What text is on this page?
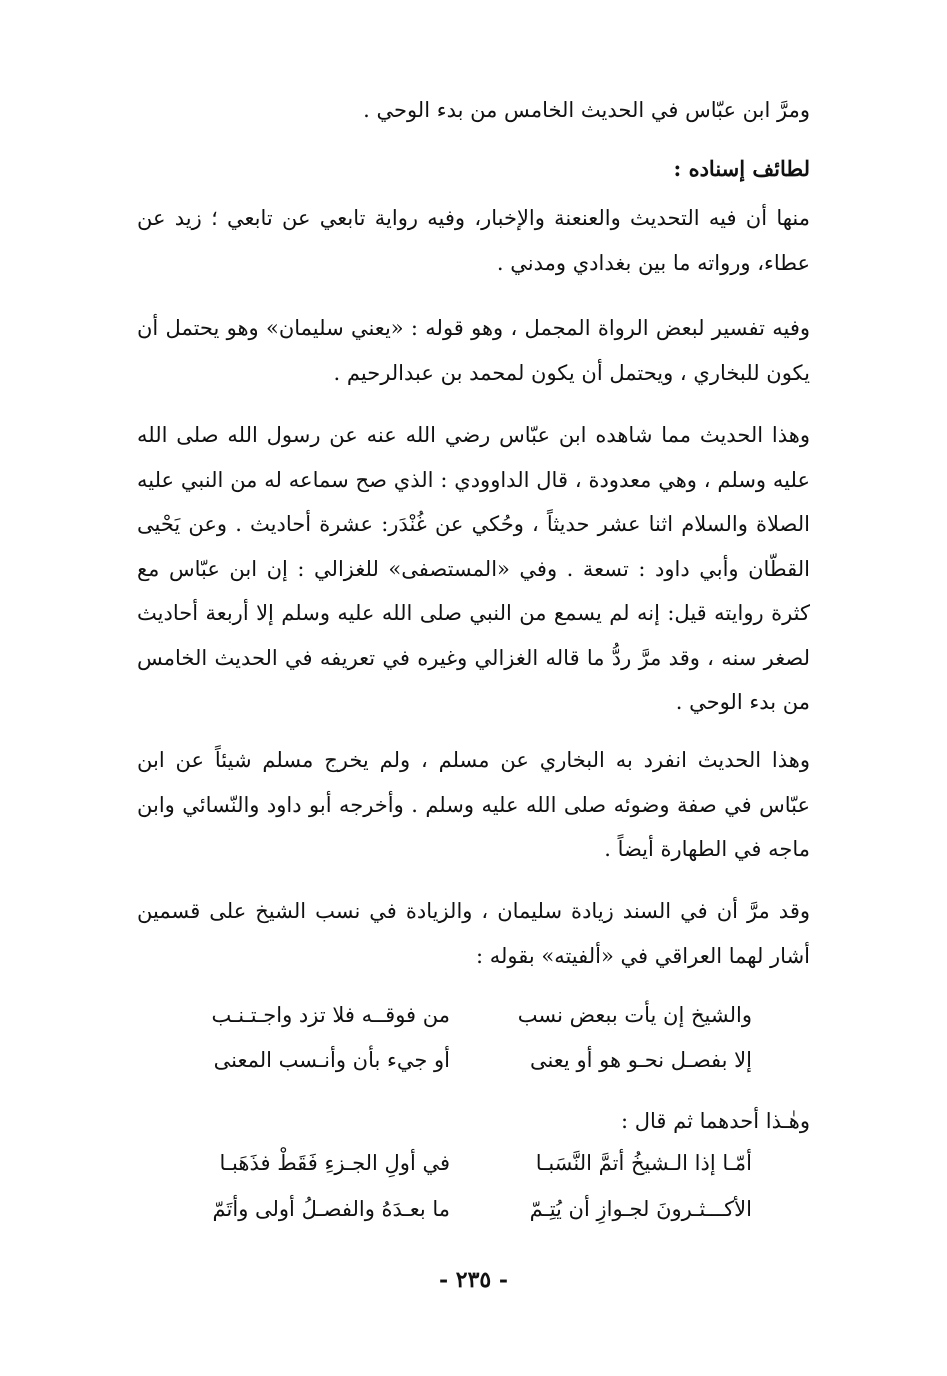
ومرَّ ابن عبّاس في الحديث الخامس من بدء الوحي .

لطائف إسناده :

منها أن فيه التحديث والعنعنة والإخبار، وفيه رواية تابعي عن تابعي ؛ زيد عن عطاء، ورواته ما بين بغدادي ومدني .

وفيه تفسير لبعض الرواة المجمل ، وهو قوله : «يعني سليمان» وهو يحتمل أن يكون للبخاري ، ويحتمل أن يكون لمحمد بن عبدالرحيم .

وهذا الحديث مما شاهده ابن عبّاس رضي الله عنه عن رسول الله صلى الله عليه وسلم ، وهي معدودة ، قال الداوودي : الذي صح سماعه له من النبي عليه الصلاة والسلام اثنا عشر حديثاً ، وحُكي عن غُنْدَر: عشرة أحاديث . وعن يَحْيى القطّان وأبي داود : تسعة . وفي «المستصفى» للغزالي : إن ابن عبّاس مع كثرة روايته قيل: إنه لم يسمع من النبي صلى الله عليه وسلم إلا أربعة أحاديث لصغر سنه ، وقد مرَّ ردُّ ما قاله الغزالي وغيره في تعريفه في الحديث الخامس من بدء الوحي .

وهذا الحديث انفرد به البخاري عن مسلم ، ولم يخرج مسلم شيئاً عن ابن عبّاس في صفة وضوئه صلى الله عليه وسلم . وأخرجه أبو داود والنّسائي وابن ماجه في الطهارة أيضاً .

وقد مرَّ أن في السند زيادة سليمان ، والزيادة في نسب الشيخ على قسمين أشار لهما العراقي في «ألفيته» بقوله :

والشيخ إن يأت ببعض نسب
من فوقــه فلا تزد واجـتـنـب
إلا بفصـل نحـو هو أو يعنى
أو جيء بأن وأنـسب المعنى
وهٰـذا أحدهما ثم قال :
أمّـا إذا الـشيخُ أتمَّ النَّسَبـا
في أولِ الجـزءِ فَقَطْ فذَهَبـا
الأكـــثـرونَ لجـوازِ أن يُتِـمّ
ما بعـدَهُ والفصـلُ أولى وأتَمّ
- ٢٣٥ -
